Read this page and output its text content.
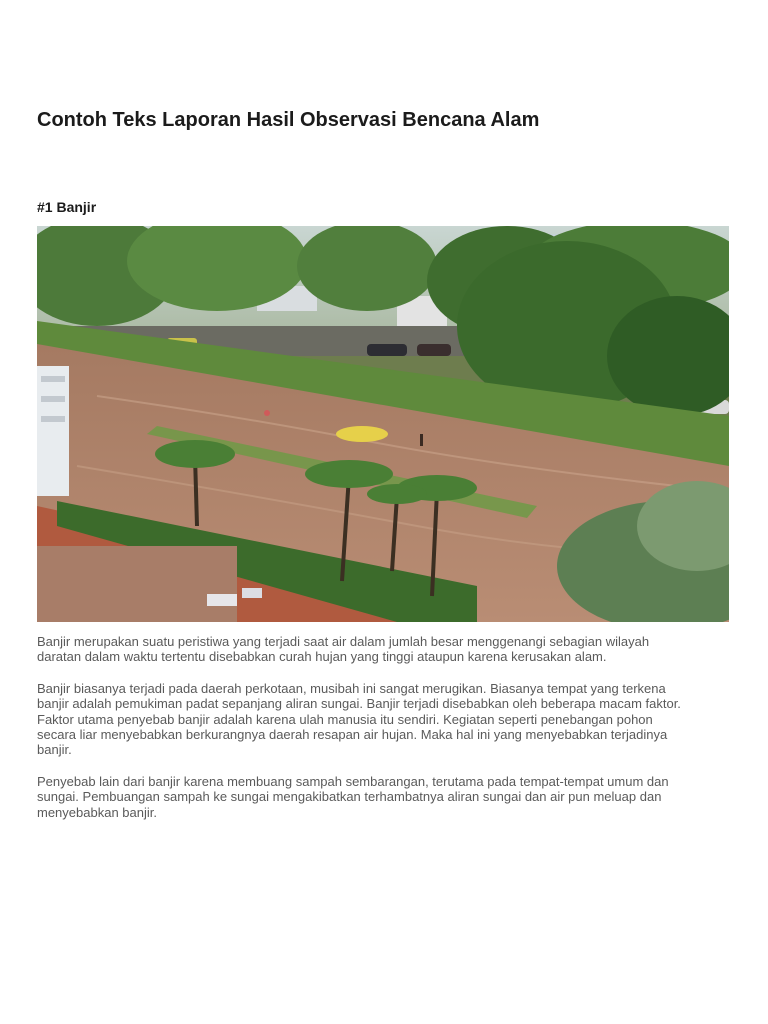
Contoh Teks Laporan Hasil Observasi Bencana Alam
#1 Banjir

Banjir merupakan suatu peristiwa yang terjadi saat air dalam jumlah besar menggenangi sebagian wilayah daratan dalam waktu tertentu disebabkan curah hujan yang tinggi ataupun karena kerusakan alam.

Banjir biasanya terjadi pada daerah perkotaan, musibah ini sangat merugikan. Biasanya tempat yang terkena banjir adalah pemukiman padat sepanjang aliran sungai. Banjir terjadi disebabkan oleh beberapa macam faktor. Faktor utama penyebab banjir adalah karena ulah manusia itu sendiri. Kegiatan seperti penebangan pohon secara liar menyebabkan berkurangnya daerah resapan air hujan. Maka hal ini yang menyebabkan terjadinya banjir.

Penyebab lain dari banjir karena membuang sampah sembarangan, terutama pada tempat-tempat umum dan sungai. Pembuangan sampah ke sungai mengakibatkan terhambatnya aliran sungai dan air pun meluap dan menyebabkan banjir.
